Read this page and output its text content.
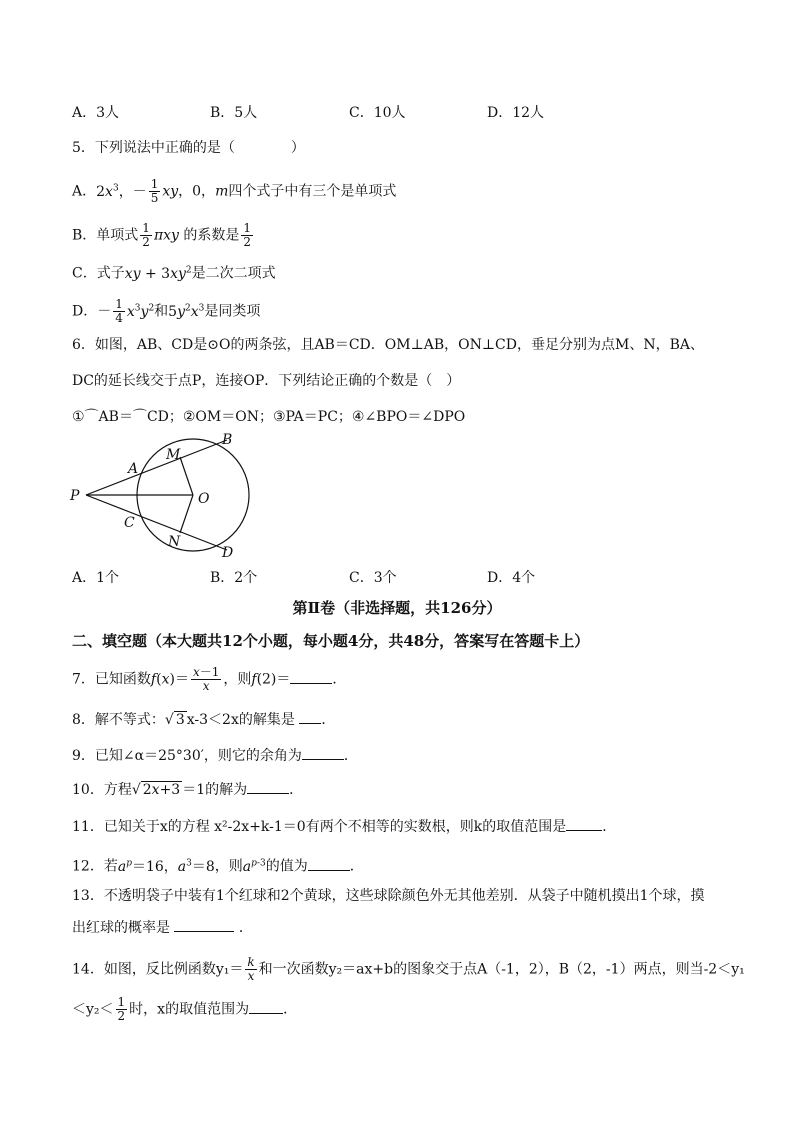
A．3人	B．5人	C．10人	D．12人
5．下列说法中正确的是（　　　　）
A．$2x^3$，－ $\frac{1}{5}$ xy，0，m四个式子中有三个是单项式
B．单项式 $\frac{1}{2}$ πxy 的系数是 $\frac{1}{2}$
C．式子xy + $3xy^2$是二次二项式
D．－ $\frac{1}{4} x^3y^2$和$5y^2x^3$是同类项
6．如图，AB、CD是⊙O的两条弦，且AB＝CD．OM⊥AB，ON⊥CD，垂足分别为点M、N，BA、
DC的延长线交于点P，连接OP．下列结论正确的个数是（　）
①⌒AB＝⌒CD；②OM＝ON；③PA＝PC；④∠BPO＝∠DPO
P
A
B
M
O
C
N
D
A．1个	B．2个	C．3个	D．4个
第Ⅱ卷（非选择题，共126分）
二、填空题（本大题共12个小题，每小题4分，共48分，答案写在答题卡上）
7．已知函数$f(x)= \frac{x-1}{x}$ ，则f(2)＝	．
8．解不等式：√ 3 x-3＜2x的解集是 ．
9．已知∠α＝25°30′，则它的余角为	．
10．方程√ 2x+3 ＝1的解为	．
11．已知关于x的方程 x²-2x+k-1＝0有两个不相等的实数根，则k的取值范围是	．
12．若$a^p=16$，$a^3=8$，则$a^{p-3}$的值为	．
13．不透明袋子中装有1个红球和2个黄球，这些球除颜色外无其他差别．从袋子中随机摸出1个球，摸
出红球的概率是	．
14．如图，反比例函数$y_1= \frac{k}{x}$ 和一次函数y₂＝ax+b的图象交于点A（-1，2），B（2，-1）两点，则当-2＜y₁
$<y_2< \frac{1}{2}$ 时，x的取值范围为 ．
